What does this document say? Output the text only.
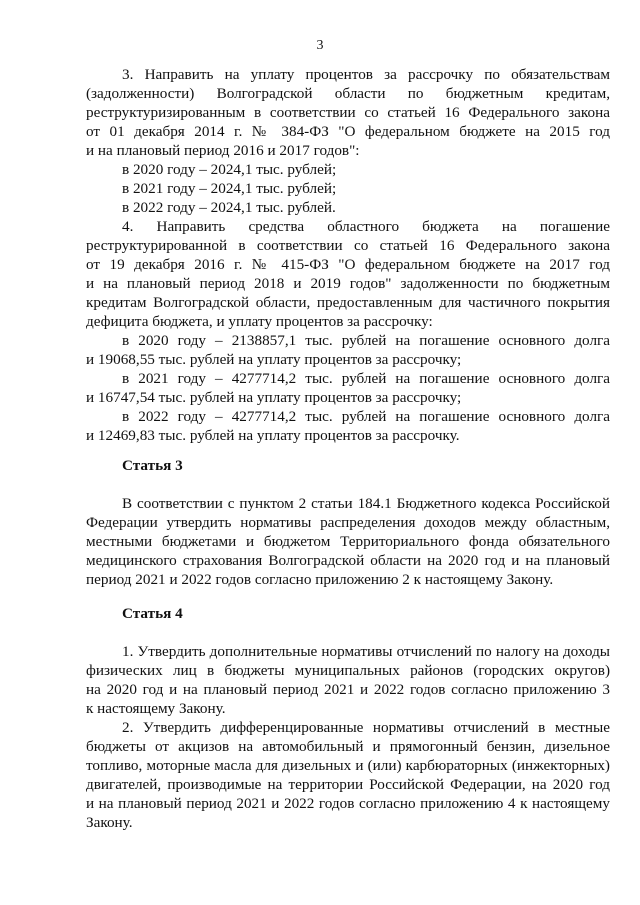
3
3. Направить на уплату процентов за рассрочку по обязательствам
(задолженности) Волгоградской области по бюджетным кредитам,
реструктуризированным в соответствии со статьей 16 Федерального закона
от 01 декабря 2014 г. № 384-ФЗ "О федеральном бюджете на 2015 год
и на плановый период 2016 и 2017 годов":
в 2020 году – 2024,1 тыс. рублей;
в 2021 году – 2024,1 тыс. рублей;
в 2022 году – 2024,1 тыс. рублей.
4. Направить средства областного бюджета на погашение
реструктурированной в соответствии со статьей 16 Федерального закона
от 19 декабря 2016 г. № 415-ФЗ "О федеральном бюджете на 2017 год
и на плановый период 2018 и 2019 годов" задолженности по бюджетным
кредитам Волгоградской области, предоставленным для частичного покрытия
дефицита бюджета, и уплату процентов за рассрочку:
в 2020 году – 2138857,1 тыс. рублей на погашение основного долга
и 19068,55 тыс. рублей на уплату процентов за рассрочку;
в 2021 году – 4277714,2 тыс. рублей на погашение основного долга
и 16747,54 тыс. рублей на уплату процентов за рассрочку;
в 2022 году – 4277714,2 тыс. рублей на погашение основного долга
и 12469,83 тыс. рублей на уплату процентов за рассрочку.
Статья 3
В соответствии с пунктом 2 статьи 184.1 Бюджетного кодекса Российской
Федерации утвердить нормативы распределения доходов между областным,
местными бюджетами и бюджетом Территориального фонда обязательного
медицинского страхования Волгоградской области на 2020 год и на плановый
период 2021 и 2022 годов согласно приложению 2 к настоящему Закону.
Статья 4
1. Утвердить дополнительные нормативы отчислений по налогу на доходы
физических лиц в бюджеты муниципальных районов (городских округов)
на 2020 год и на плановый период 2021 и 2022 годов согласно приложению 3
к настоящему Закону.
2. Утвердить дифференцированные нормативы отчислений в местные
бюджеты от акцизов на автомобильный и прямогонный бензин, дизельное
топливо, моторные масла для дизельных и (или) карбюраторных (инжекторных)
двигателей, производимые на территории Российской Федерации, на 2020 год
и на плановый период 2021 и 2022 годов согласно приложению 4 к настоящему
Закону.
